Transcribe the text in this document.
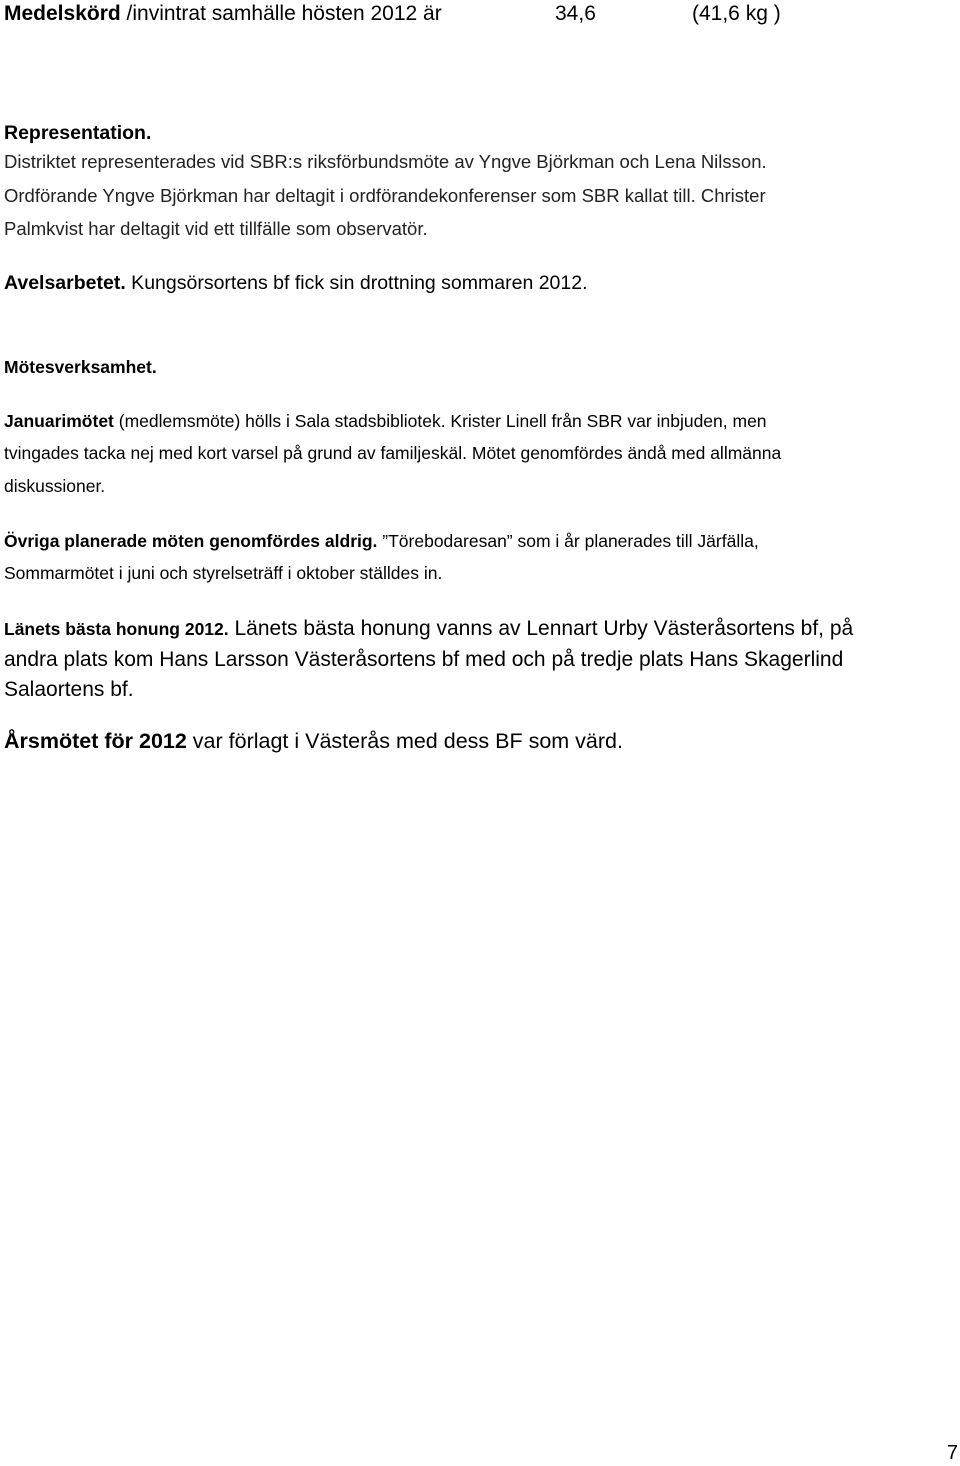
Medelskörd /invintrat samhälle hösten 2012 är	34,6	(41,6 kg )
Representation.
Distriktet representerades vid SBR:s riksförbundsmöte av Yngve Björkman och Lena Nilsson.
Ordförande Yngve Björkman har deltagit i ordförandekonferenser som SBR kallat till. Christer
Palmkvist har deltagit vid ett tillfälle som observatör.
Avelsarbetet. Kungsörsortens bf fick sin drottning sommaren 2012.
Mötesverksamhet.
Januarimötet (medlemsmöte) hölls i Sala stadsbibliotek. Krister Linell från SBR var inbjuden, men
tvingades tacka nej med kort varsel på grund av familjeskäl. Mötet genomfördes ändå med allmänna
diskussioner.
Övriga planerade möten genomfördes aldrig. ”Törebodaresan” som i år planerades till Järfälla,
Sommarmötet i juni och styrelseträff i oktober ställdes in.
Länets bästa honung 2012. Länets bästa honung vanns av Lennart Urby Västeråsortens bf, på
andra plats kom Hans Larsson Västeråsortens bf med och på tredje plats Hans Skagerlind
Salaortens bf.
Årsmötet för 2012 var förlagt i Västerås med dess BF som värd.
7
